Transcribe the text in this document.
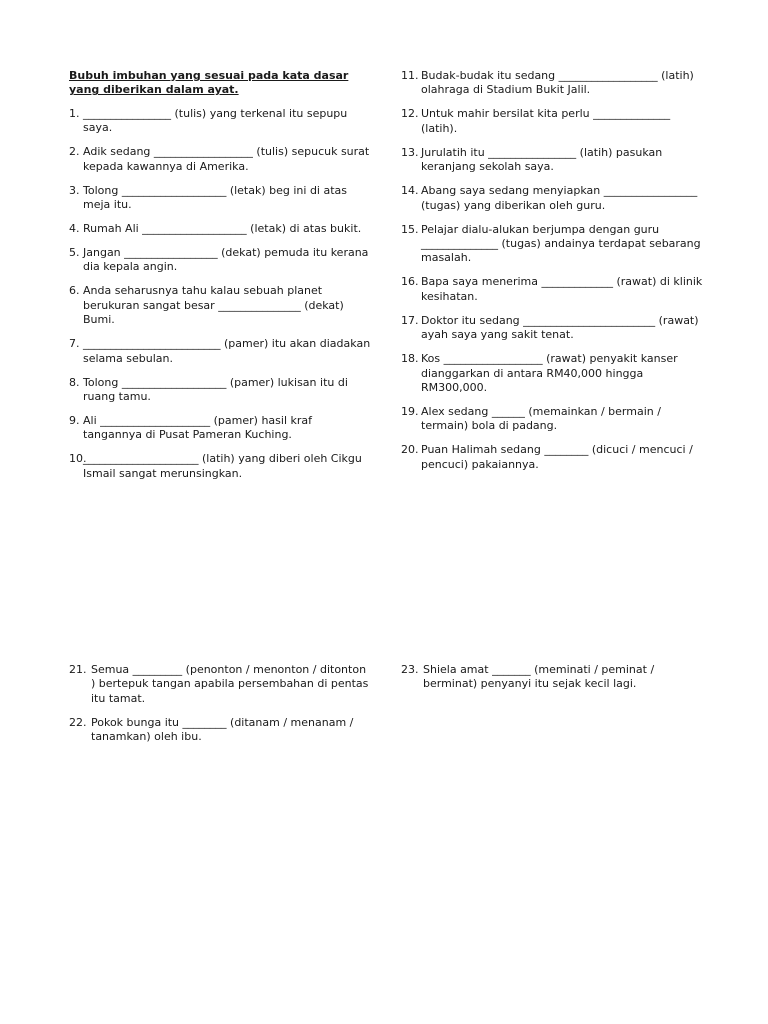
Bubuh imbuhan yang sesuai pada kata dasar yang diberikan dalam ayat.
1. ________________ (tulis) yang terkenal itu sepupu saya.
2. Adik sedang __________________ (tulis) sepucuk surat kepada kawannya di Amerika.
3. Tolong ___________________ (letak) beg ini di atas meja itu.
4. Rumah Ali ___________________ (letak) di atas bukit.
5. Jangan _________________ (dekat) pemuda itu kerana dia kepala angin.
6. Anda seharusnya tahu kalau sebuah planet berukuran sangat besar _______________ (dekat) Bumi.
7. _________________________ (pamer) itu akan diadakan selama sebulan.
8. Tolong ___________________ (pamer) lukisan itu di ruang tamu.
9. Ali ____________________ (pamer) hasil kraf tangannya di Pusat Pameran Kuching.
10.
_____________________ (latih) yang diberi oleh Cikgu Ismail sangat merunsingkan.
11. Budak-budak itu sedang __________________ (latih) olahraga di Stadium Bukit Jalil.
12. Untuk mahir bersilat kita perlu ______________ (latih).
13. Jurulatih itu ________________ (latih) pasukan keranjang sekolah saya.
14. Abang saya sedang menyiapkan _________________ (tugas) yang diberikan oleh guru.
15. Pelajar dialu-alukan berjumpa dengan guru ______________ (tugas) andainya terdapat sebarang masalah.
16. Bapa saya menerima _____________ (rawat) di klinik kesihatan.
17. Doktor itu sedang ________________________ (rawat) ayah saya yang sakit tenat.
18. Kos __________________ (rawat) penyakit kanser dianggarkan di antara RM40,000 hingga RM300,000.
19. Alex sedang ______ (memainkan / bermain / termain) bola di padang.
20. Puan Halimah sedang ________ (dicuci / mencuci / pencuci) pakaiannya.
21. Semua _________ (penonton / menonton / ditonton ) bertepuk tangan apabila persembahan di pentas itu tamat.
22. Pokok bunga itu ________ (ditanam / menanam / tanamkan) oleh ibu.
23. Shiela amat _______ (meminati / peminat / berminat) penyanyi itu sejak kecil lagi.
